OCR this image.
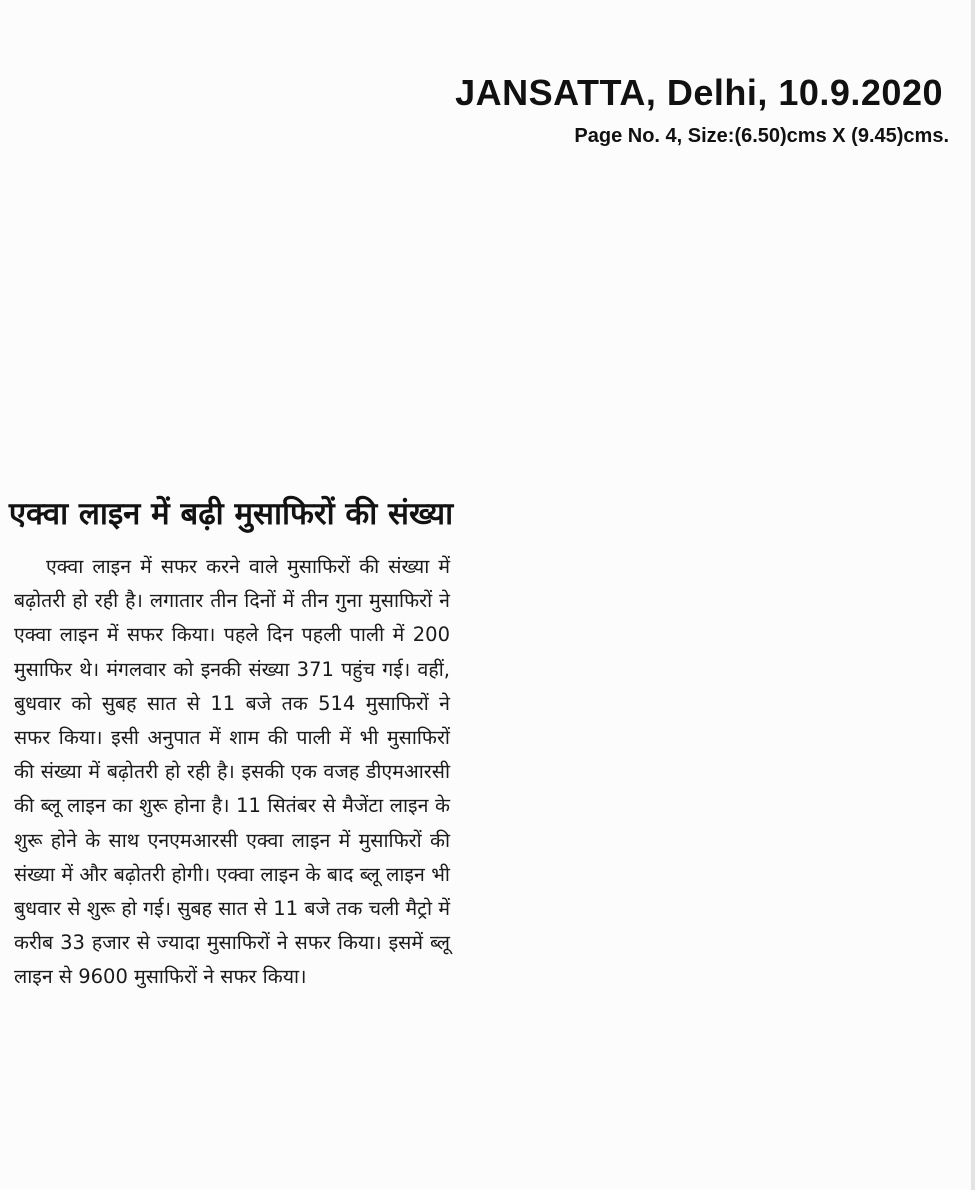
JANSATTA, Delhi, 10.9.2020
Page No. 4, Size:(6.50)cms X (9.45)cms.
एक्वा लाइन में बढ़ी मुसाफिरों की संख्या

एक्वा लाइन में सफर करने वाले मुसाफिरों की संख्या में बढ़ोतरी हो रही है। लगातार तीन दिनों में तीन गुना मुसाफिरों ने एक्वा लाइन में सफर किया। पहले दिन पहली पाली में 200 मुसाफिर थे। मंगलवार को इनकी संख्या 371 पहुंच गई। वहीं, बुधवार को सुबह सात से 11 बजे तक 514 मुसाफिरों ने सफर किया। इसी अनुपात में शाम की पाली में भी मुसाफिरों की संख्या में बढ़ोतरी हो रही है। इसकी एक वजह डीएमआरसी की ब्लू लाइन का शुरू होना है। 11 सितंबर से मैजेंटा लाइन के शुरू होने के साथ एनएमआरसी एक्वा लाइन में मुसाफिरों की संख्या में और बढ़ोतरी होगी। एक्वा लाइन के बाद ब्लू लाइन भी बुधवार से शुरू हो गई। सुबह सात से 11 बजे तक चली मैट्रो में करीब 33 हजार से ज्यादा मुसाफिरों ने सफर किया। इसमें ब्लू लाइन से 9600 मुसाफिरों ने सफर किया।
